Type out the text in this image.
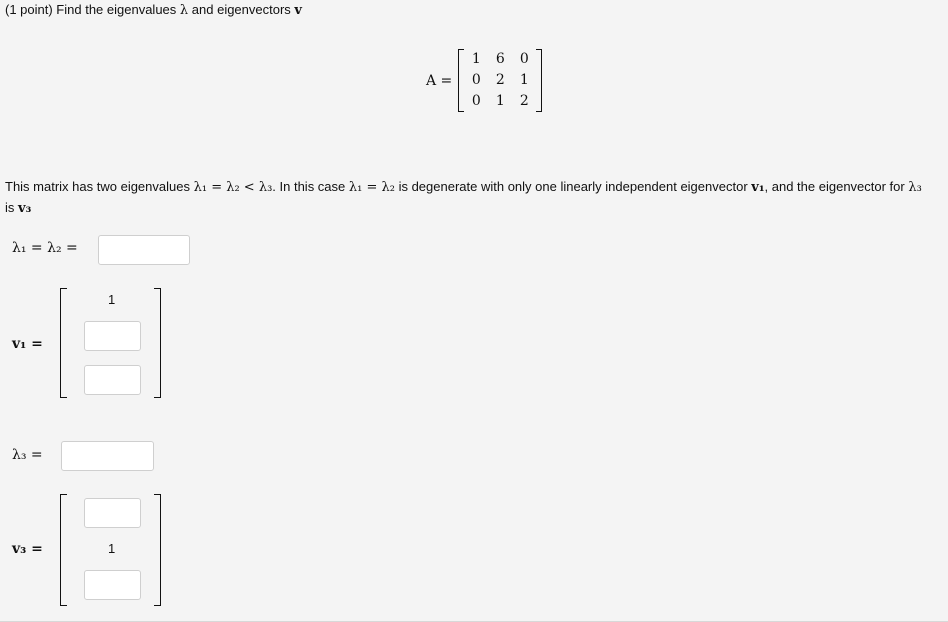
(1 point) Find the eigenvalues λ and eigenvectors v
A =
1	6	0
0	2	1
0	1	2
This matrix has two eigenvalues λ₁ = λ₂ < λ₃. In this case λ₁ = λ₂ is degenerate with only one linearly independent eigenvector v₁, and the eigenvector for λ₃ is v₃
λ₁ = λ₂ =
v₁ =
1
λ₃ =
v₃ =	1
